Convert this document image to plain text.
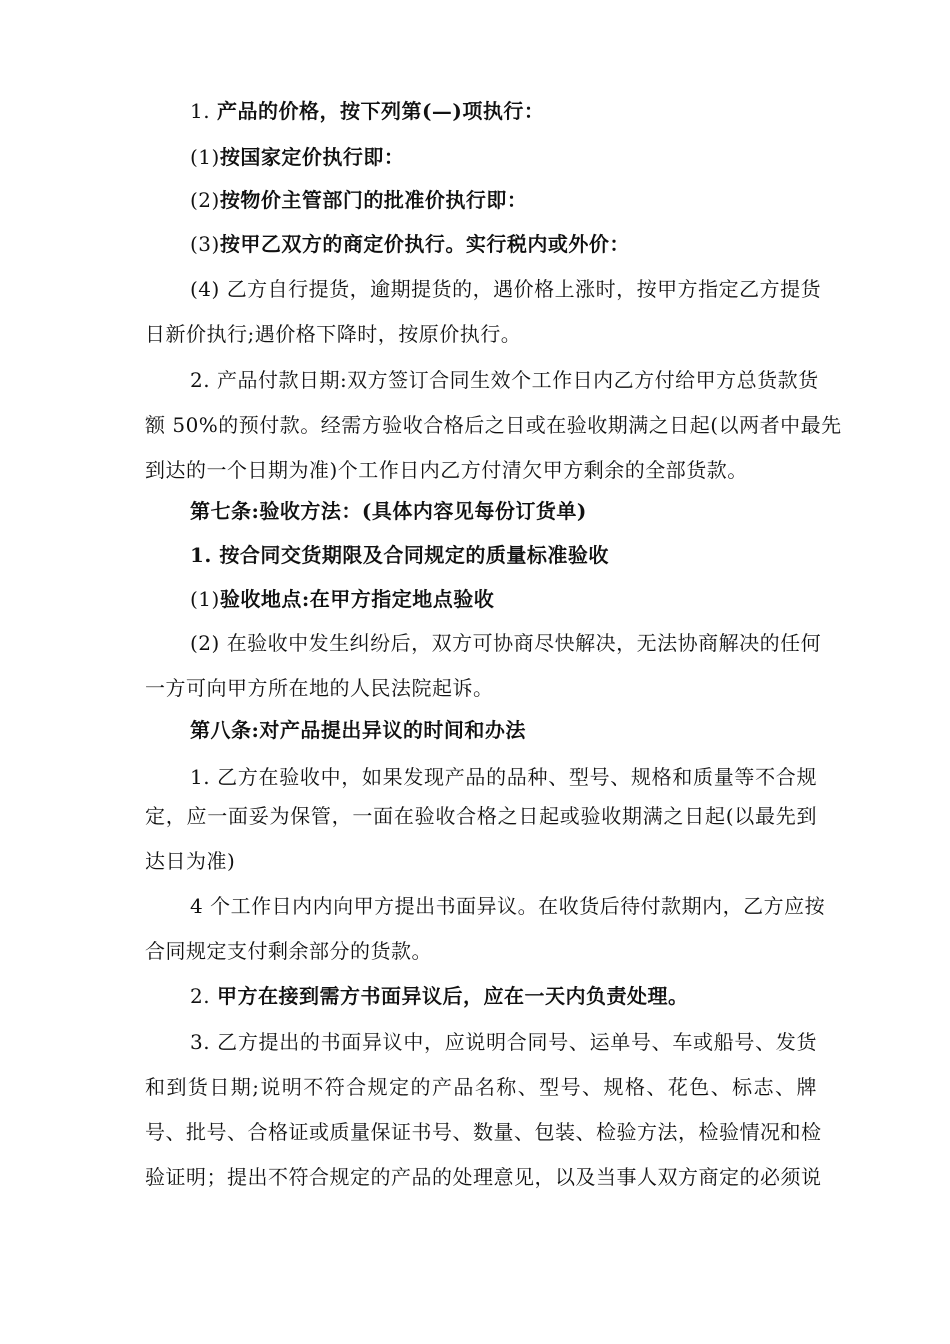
1. 产品的价格，按下列第(—)项执行：
(1)按国家定价执行即：
(2)按物价主管部门的批准价执行即：
(3)按甲乙双方的商定价执行。实行税内或外价：
(4) 乙方自行提货，逾期提货的，遇价格上涨时，按甲方指定乙方提货
日新价执行;遇价格下降时，按原价执行。
2. 产品付款日期:双方签订合同生效个工作日内乙方付给甲方总货款货
额 50%的预付款。经需方验收合格后之日或在验收期满之日起(以两者中最先
到达的一个日期为准)个工作日内乙方付清欠甲方剩余的全部货款。
第七条:验收方法：(具体内容见每份订货单)
1. 按合同交货期限及合同规定的质量标准验收
(1)验收地点:在甲方指定地点验收
(2) 在验收中发生纠纷后，双方可协商尽快解决，无法协商解决的任何
一方可向甲方所在地的人民法院起诉。
第八条:对产品提出异议的时间和办法
1. 乙方在验收中，如果发现产品的品种、型号、规格和质量等不合规
定，应一面妥为保管，一面在验收合格之日起或验收期满之日起(以最先到
达日为准)
4 个工作日内内向甲方提出书面异议。在收货后待付款期内，乙方应按
合同规定支付剩余部分的货款。
2. 甲方在接到需方书面异议后，应在一天内负责处理。
3. 乙方提出的书面异议中，应说明合同号、运单号、车或船号、发货
和到货日期;说明不符合规定的产品名称、型号、规格、花色、标志、牌
号、批号、合格证或质量保证书号、数量、包装、检验方法，检验情况和检
验证明；提出不符合规定的产品的处理意见，以及当事人双方商定的必须说
